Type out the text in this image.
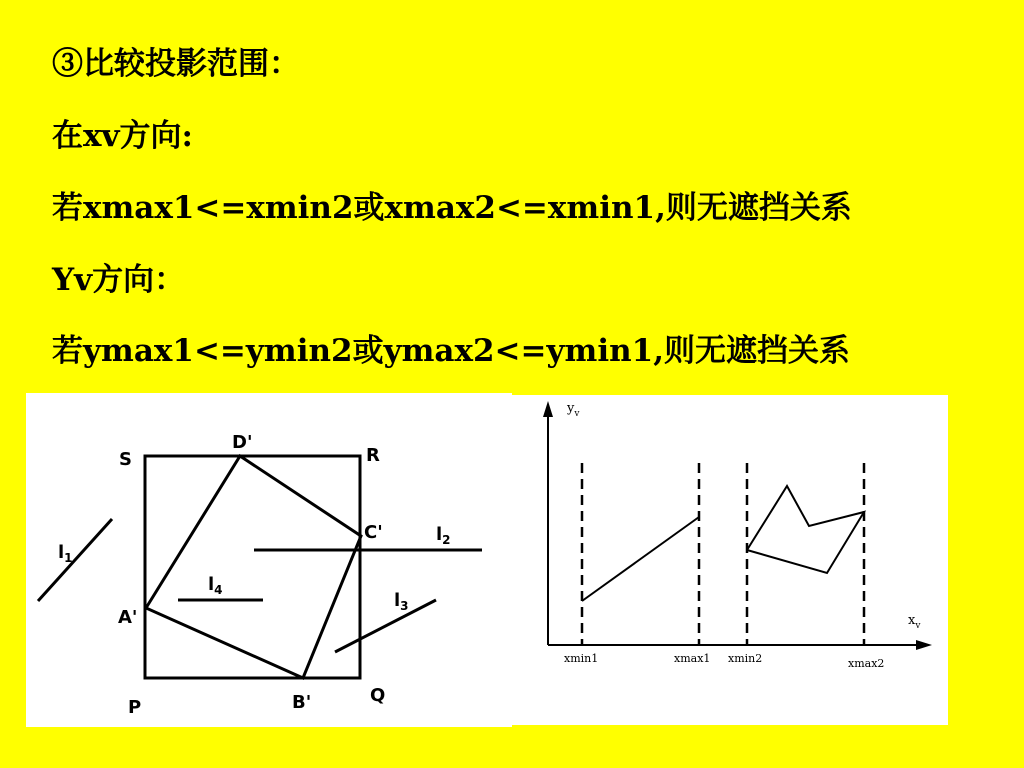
③比较投影范围：
在xv方向:
若xmax1<=xmin2或xmax2<=xmin1,则无遮挡关系
Yv方向：
若ymax1<=ymin2或ymax2<=ymin1,则无遮挡关系
S	R
P
Q
D'
C'
A'
B'
$l_1$
$l_2$
$l_3$
$l_4$
$y_v$
$x_v$
xmin1	xmax1 xmin2	xmax2
